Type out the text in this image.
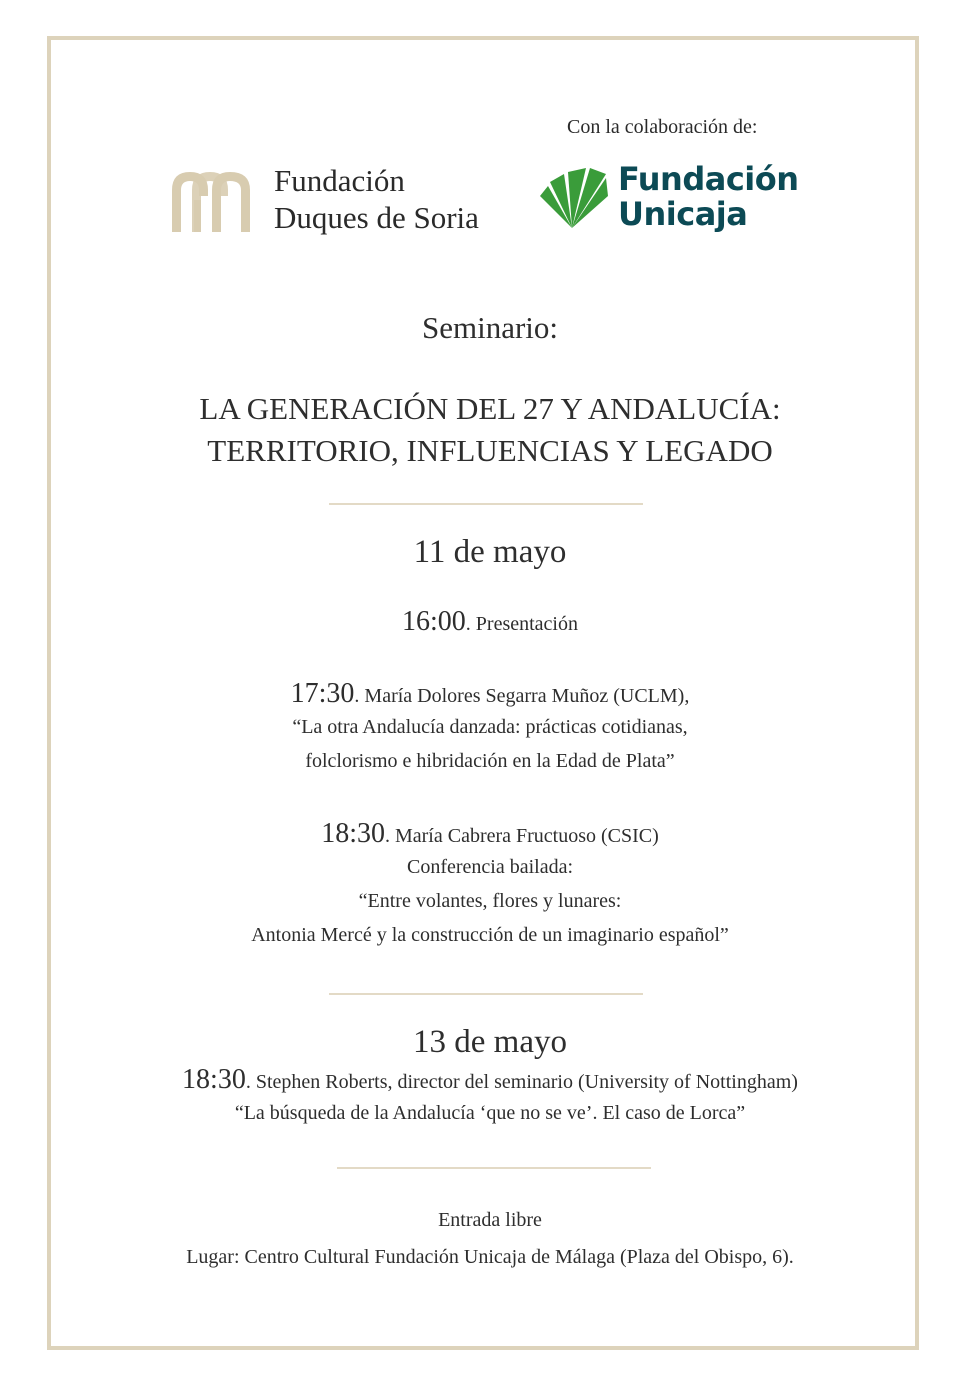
Fundación
Duques de Soria
Con la colaboración de:
Fundación
Unicaja
Seminario:
LA GENERACIÓN DEL 27 Y ANDALUCÍA:
TERRITORIO, INFLUENCIAS Y LEGADO
11 de mayo
16:00. Presentación
17:30. María Dolores Segarra Muñoz (UCLM),
“La otra Andalucía danzada: prácticas cotidianas,
folclorismo e hibridación en la Edad de Plata”
18:30. María Cabrera Fructuoso (CSIC)
Conferencia bailada:
“Entre volantes, flores y lunares:
Antonia Mercé y la construcción de un imaginario español”
13 de mayo
18:30. Stephen Roberts, director del seminario (University of Nottingham)
“La búsqueda de la Andalucía ‘que no se ve’. El caso de Lorca”
Entrada libre
Lugar: Centro Cultural Fundación Unicaja de Málaga (Plaza del Obispo, 6).
